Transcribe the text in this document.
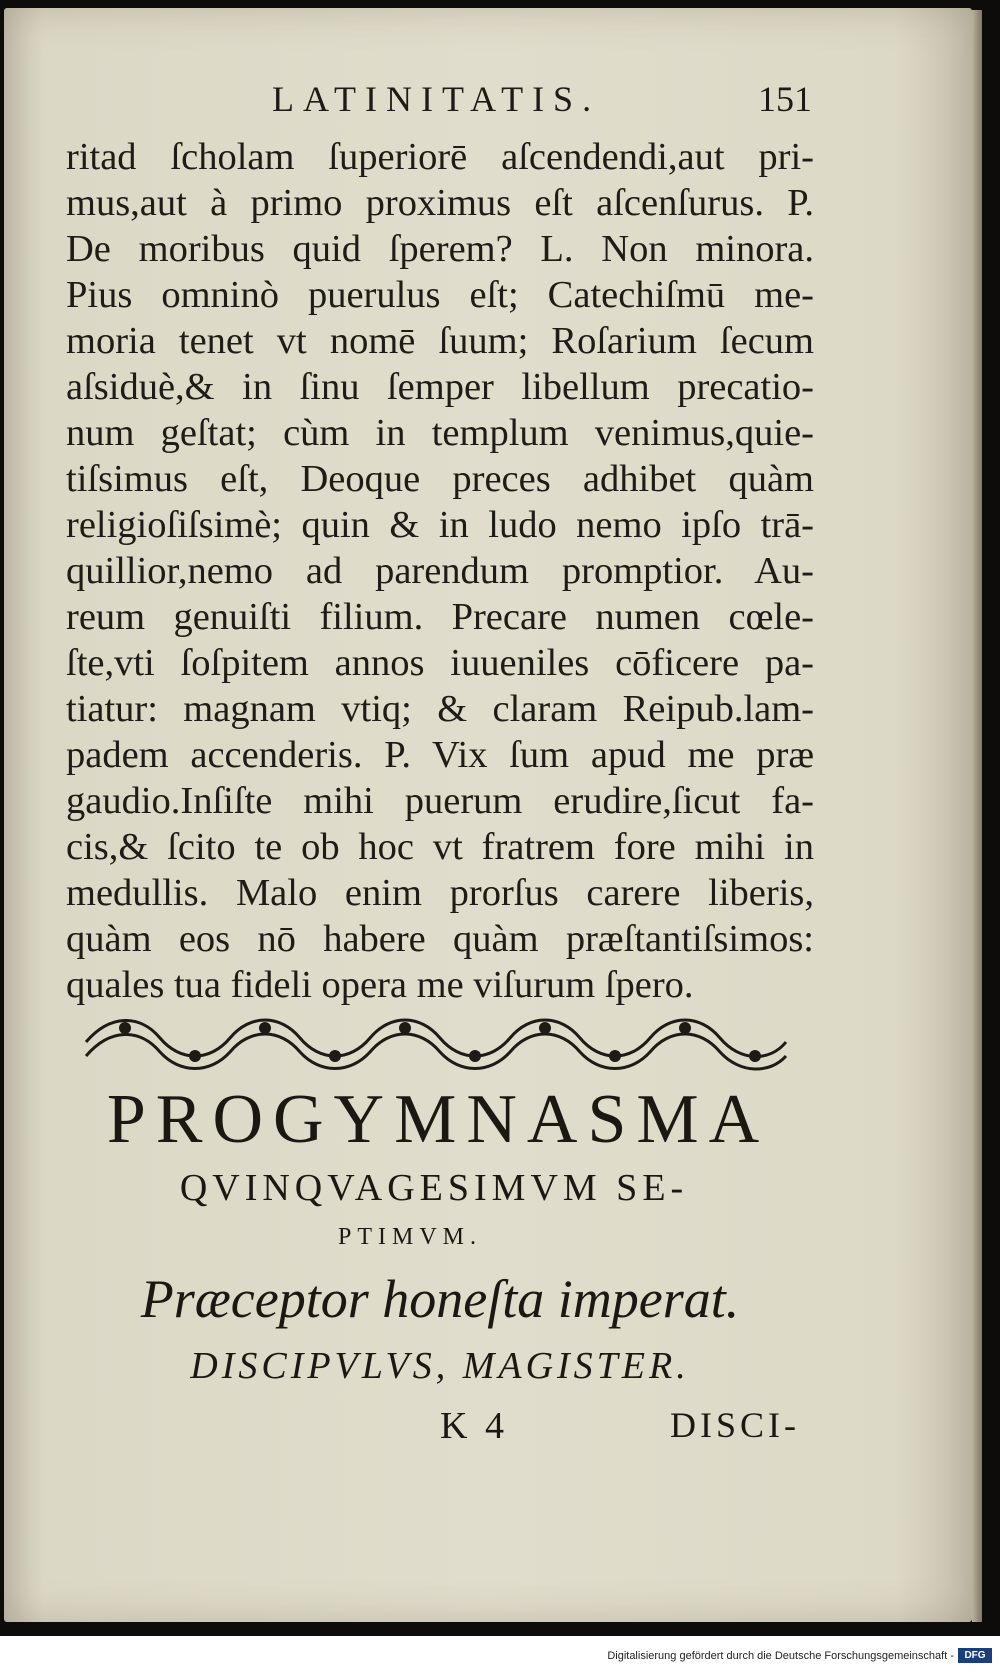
LATINITATIS.	151
ritad ſcholam ſuperiorē aſcendendi,aut pri-
mus,aut à primo proximus eſt aſcenſurus. P.
De moribus quid ſperem? L. Non minora.
Pius omninò puerulus eſt; Catechiſmū me-
moria tenet vt nomē ſuum; Roſarium ſecum
aſsiduè,& in ſinu ſemper libellum precatio-
num geſtat; cùm in templum venimus,quie-
tiſsimus eſt, Deoque preces adhibet quàm
religioſiſsimè; quin & in ludo nemo ipſo trā-
quillior,nemo ad parendum promptior. Au-
reum genuiſti filium. Precare numen cœle-
ſte,vti ſoſpitem annos iuueniles cōficere pa-
tiatur: magnam vtiq; & claram Reipub.lam-
padem accenderis. P. Vix ſum apud me præ
gaudio.Inſiſte mihi puerum erudire,ſicut fa-
cis,& ſcito te ob hoc vt fratrem fore mihi in
medullis. Malo enim prorſus carere liberis,
quàm eos nō habere quàm præſtantiſsimos:
quales tua fideli opera me viſurum ſpero.
PROGYMNASMA
QVINQVAGESIMVM SE-
PTIMVM.
Præceptor honeſta imperat.
DISCIPVLVS, MAGISTER.
K 4	DISCI-
Digitalisierung gefördert durch die Deutsche Forschungsgemeinschaft -	DFG
